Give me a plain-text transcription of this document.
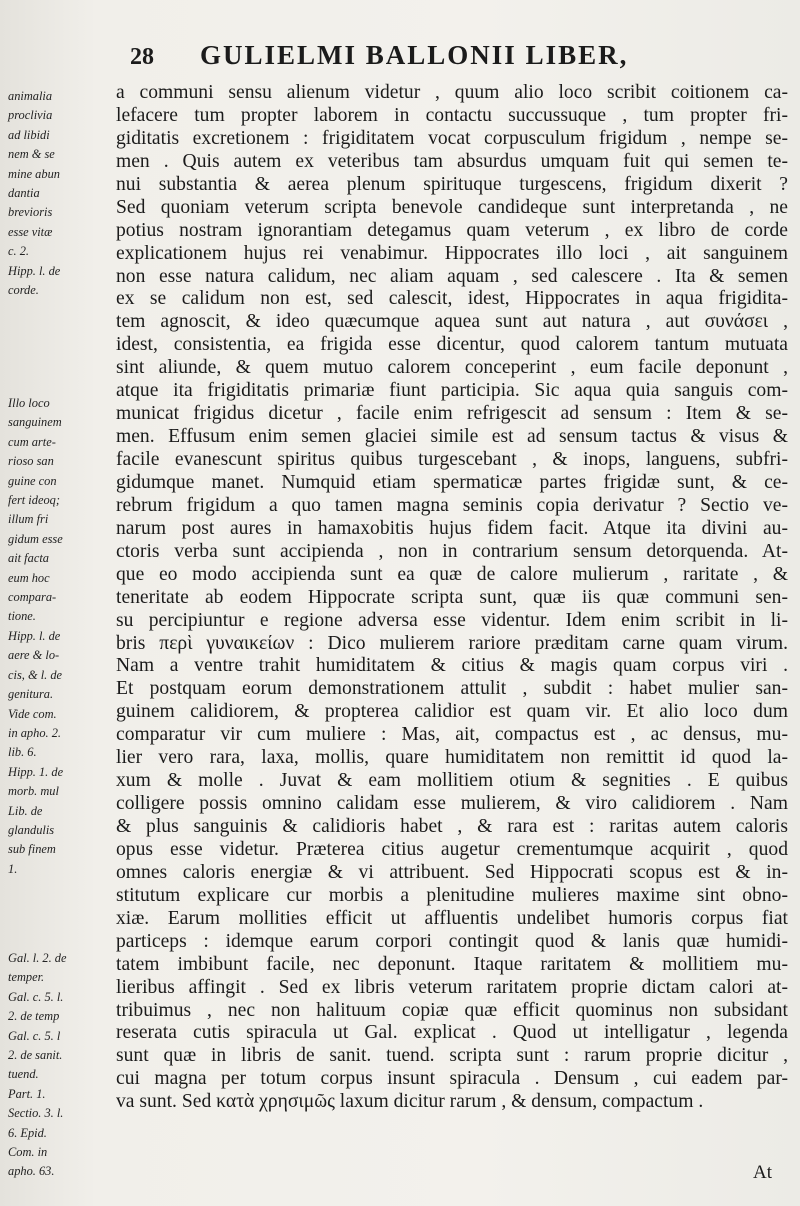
28	GULIELMI BALLONII LIBER,
animalia
proclivia
ad libidi
nem & se
mine abun
dantia
brevioris
esse vitæ
c. 2.
Hipp. l. de
corde.
Illo loco
sanguinem
cum arte-
rioso san
guine con
fert ideoq;
illum fri
gidum esse
ait facta
eum hoc
compara-
tione.
Hipp. l. de
aere & lo-
cis, & l. de
genitura.
Vide com.
in apho. 2.
lib. 6.
Hipp. 1. de
morb. mul
Lib. de
glandulis
sub finem
1.
Gal. l. 2. de
temper.
Gal. c. 5. l.
2. de temp
Gal. c. 5. l
2. de sanit.
tuend.
Part. 1.
Sectio. 3. l.
6. Epid.
Com. in
apho. 63.
a communi sensu alienum videtur , quum alio loco scribit coitionem ca-
lefacere tum propter laborem in contactu succussuque , tum propter fri-
giditatis excretionem : frigiditatem vocat corpusculum frigidum , nempe se-
men . Quis autem ex veteribus tam absurdus umquam fuit qui semen te-
nui substantia & aerea plenum spirituque turgescens, frigidum dixerit ?
Sed quoniam veterum scripta benevole candideque sunt interpretanda , ne
potius nostram ignorantiam detegamus quam veterum , ex libro de corde
explicationem hujus rei venabimur. Hippocrates illo loci , ait sanguinem
non esse natura calidum, nec aliam aquam , sed calescere . Ita & semen
ex se calidum non est, sed calescit, idest, Hippocrates in aqua frigidita-
tem agnoscit, & ideo quæcumque aquea sunt aut natura , aut συνάσει ,
idest, consistentia, ea frigida esse dicentur, quod calorem tantum mutuata
sint aliunde, & quem mutuo calorem conceperint , eum facile deponunt ,
atque ita frigiditatis primariæ fiunt participia. Sic aqua quia sanguis com-
municat frigidus dicetur , facile enim refrigescit ad sensum : Item & se-
men. Effusum enim semen glaciei simile est ad sensum tactus & visus &
facile evanescunt spiritus quibus turgescebant , & inops, languens, subfri-
gidumque manet. Numquid etiam spermaticæ partes frigidæ sunt, & ce-
rebrum frigidum a quo tamen magna seminis copia derivatur ? Sectio ve-
narum post aures in hamaxobitis hujus fidem facit. Atque ita divini au-
ctoris verba sunt accipienda , non in contrarium sensum detorquenda. At-
que eo modo accipienda sunt ea quæ de calore mulierum , raritate , &
teneritate ab eodem Hippocrate scripta sunt, quæ iis quæ communi sen-
su percipiuntur e regione adversa esse videntur. Idem enim scribit in li-
bris περὶ γυναικείων : Dico mulierem rariore præditam carne quam virum.
Nam a ventre trahit humiditatem & citius & magis quam corpus viri .
Et postquam eorum demonstrationem attulit , subdit : habet mulier san-
guinem calidiorem, & propterea calidior est quam vir. Et alio loco dum
comparatur vir cum muliere : Mas, ait, compactus est , ac densus, mu-
lier vero rara, laxa, mollis, quare humiditatem non remittit id quod la-
xum & molle . Juvat & eam mollitiem otium & segnities . E quibus
colligere possis omnino calidam esse mulierem, & viro calidiorem . Nam
& plus sanguinis & calidioris habet , & rara est : raritas autem caloris
opus esse videtur. Præterea citius augetur crementumque acquirit , quod
omnes caloris energiæ & vi attribuent. Sed Hippocrati scopus est & in-
stitutum explicare cur morbis a plenitudine mulieres maxime sint obno-
xiæ. Earum mollities efficit ut affluentis undelibet humoris corpus fiat
particeps : idemque earum corpori contingit quod & lanis quæ humidi-
tatem imbibunt facile, nec deponunt. Itaque raritatem & mollitiem mu-
lieribus affingit . Sed ex libris veterum raritatem proprie dictam calori at-
tribuimus , nec non halituum copiæ quæ efficit quominus non subsidant
reserata cutis spiracula ut Gal. explicat . Quod ut intelligatur , legenda
sunt quæ in libris de sanit. tuend. scripta sunt : rarum proprie dicitur ,
cui magna per totum corpus insunt spiracula . Densum , cui eadem par-
va sunt. Sed κατὰ χρησιμῶς laxum dicitur rarum , & densum, compactum .
At
